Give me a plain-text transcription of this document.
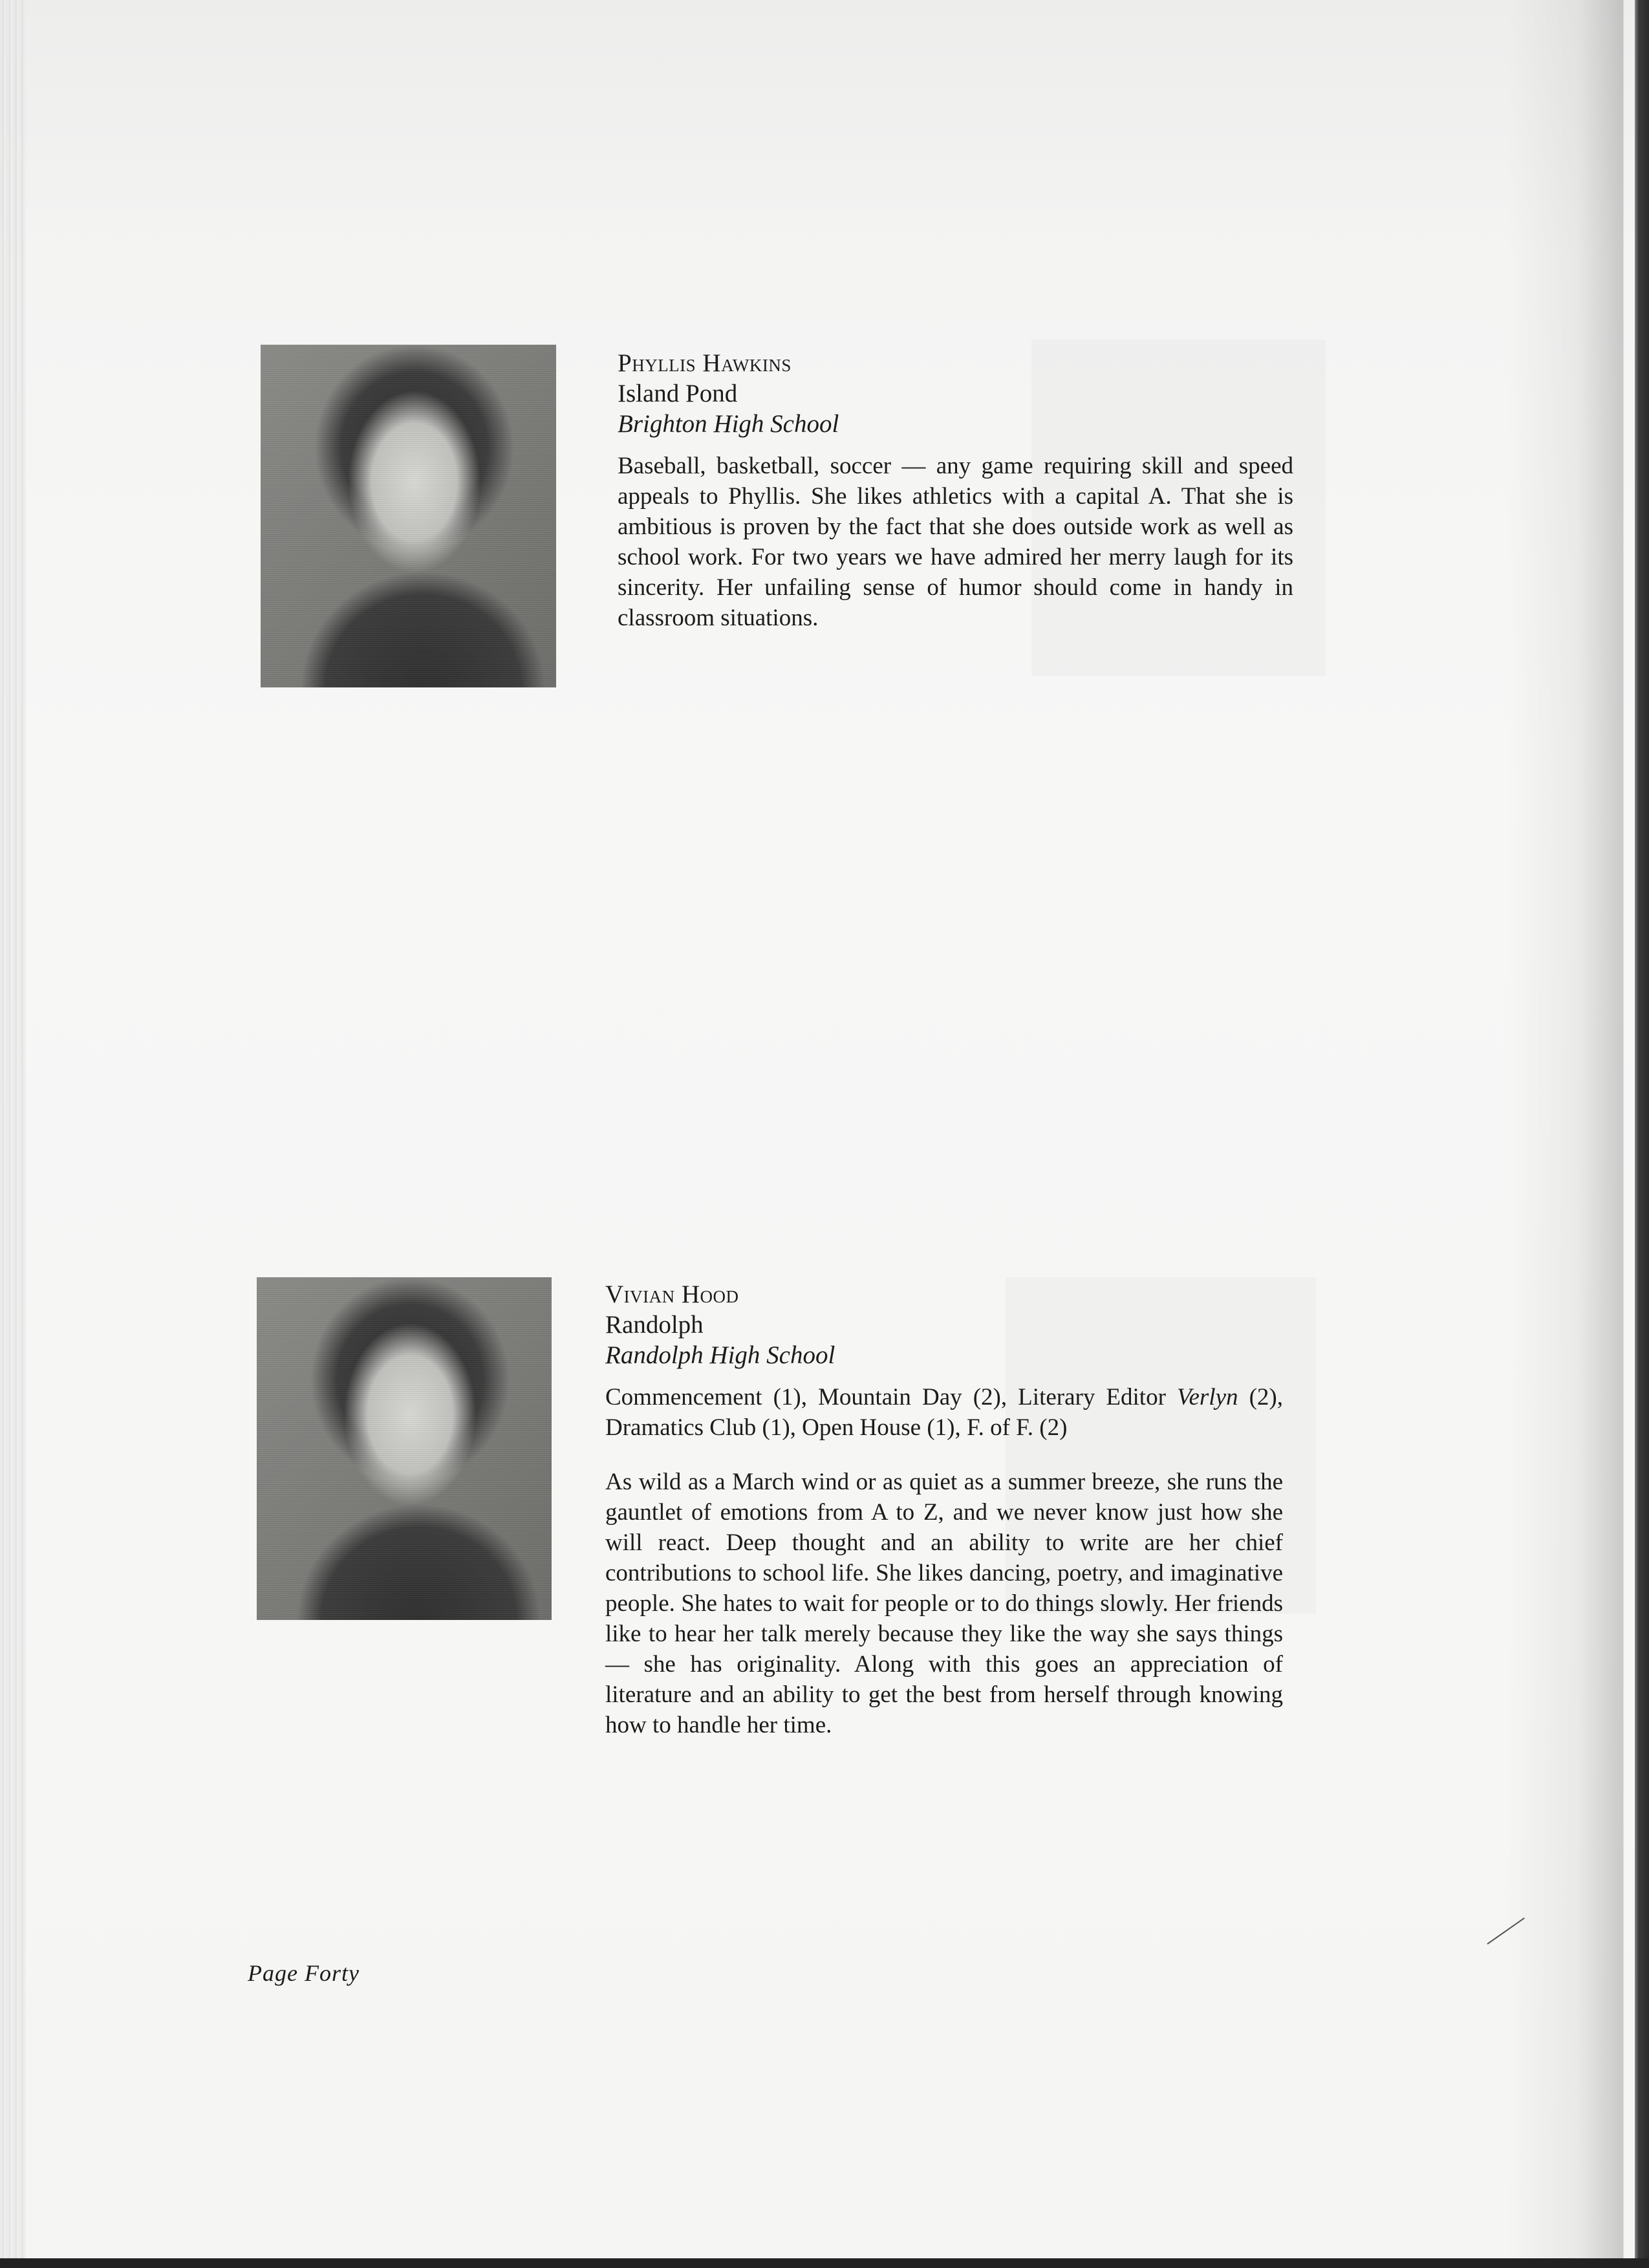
Phyllis Hawkins
Island Pond
Brighton High School

Baseball, basketball, soccer — any game requiring skill and speed appeals to Phyllis. She likes athletics with a capital A. That she is ambitious is proven by the fact that she does outside work as well as school work. For two years we have admired her merry laugh for its sincerity. Her unfailing sense of humor should come in handy in classroom situations.

Vivian Hood
Randolph
Randolph High School

Commencement (1), Mountain Day (2), Literary Editor Verlyn (2), Dramatics Club (1), Open House (1), F. of F. (2)

As wild as a March wind or as quiet as a summer breeze, she runs the gauntlet of emotions from A to Z, and we never know just how she will react. Deep thought and an ability to write are her chief contributions to school life. She likes dancing, poetry, and imaginative people. She hates to wait for people or to do things slowly. Her friends like to hear her talk merely because they like the way she says things — she has originality. Along with this goes an appreciation of literature and an ability to get the best from herself through knowing how to handle her time.

Page Forty
